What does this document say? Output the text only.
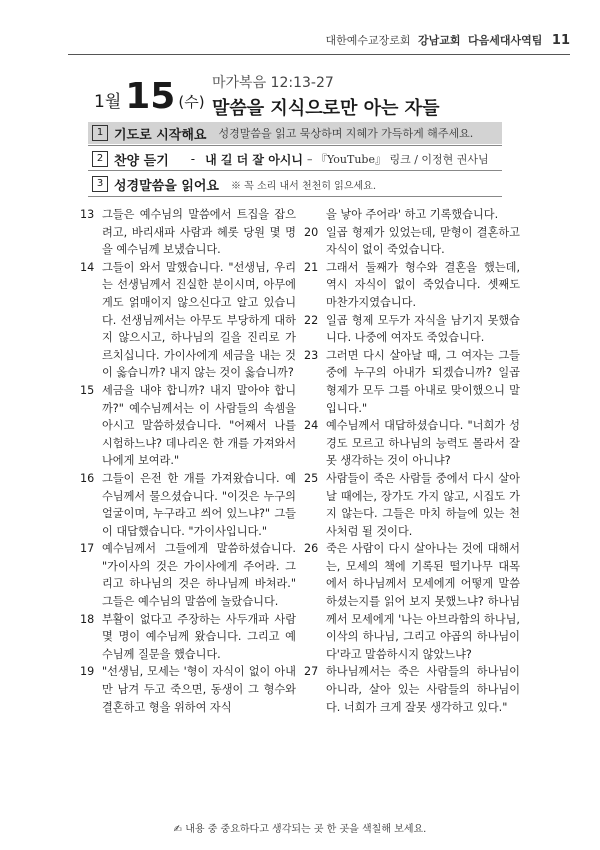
대한예수교장로회 강남교회 다음세대사역팀 11
1월 15 (수)
마가복음 12:13-27
말씀을 지식으로만 아는 자들
1 기도로 시작해요 성경말씀을 읽고 묵상하며 지혜가 가득하게 해주세요.
2 찬양 듣기 - 내 길 더 잘 아시니 – 『YouTube』 링크 / 이정현 권사님
3 성경말씀을 읽어요 ※ 꼭 소리 내서 천천히 읽으세요.
13 그들은 예수님의 말씀에서 트집을 잡으려고, 바리새파 사람과 헤롯 당원 몇 명을 예수님께 보냈습니다.
14 그들이 와서 말했습니다. "선생님, 우리는 선생님께서 진실한 분이시며, 아무에게도 얽매이지 않으신다고 알고 있습니다. 선생님께서는 아무도 부당하게 대하지 않으시고, 하나님의 길을 진리로 가르치십니다. 가이사에게 세금을 내는 것이 옳습니까? 내지 않는 것이 옳습니까?
15 세금을 내야 합니까? 내지 말아야 합니까?" 예수님께서는 이 사람들의 속셈을 아시고 말씀하셨습니다. "어째서 나를 시험하느냐? 데나리온 한 개를 가져와서 나에게 보여라."
16 그들이 은전 한 개를 가져왔습니다. 예수님께서 물으셨습니다. "이것은 누구의 얼굴이며, 누구라고 씌어 있느냐?" 그들이 대답했습니다. "가이사입니다."
17 예수님께서 그들에게 말씀하셨습니다. "가이사의 것은 가이사에게 주어라. 그리고 하나님의 것은 하나님께 바쳐라." 그들은 예수님의 말씀에 놀랐습니다.
18 부활이 없다고 주장하는 사두개파 사람 몇 명이 예수님께 왔습니다. 그리고 예수님께 질문을 했습니다.
19 "선생님, 모세는 '형이 자식이 없이 아내만 남겨 두고 죽으면, 동생이 그 형수와 결혼하고 형을 위하여 자식
을 낳아 주어라' 하고 기록했습니다.
20 일곱 형제가 있었는데, 맏형이 결혼하고 자식이 없이 죽었습니다.
21 그래서 둘째가 형수와 결혼을 했는데, 역시 자식이 없이 죽었습니다. 셋째도 마찬가지였습니다.
22 일곱 형제 모두가 자식을 남기지 못했습니다. 나중에 여자도 죽었습니다.
23 그러면 다시 살아날 때, 그 여자는 그들 중에 누구의 아내가 되겠습니까? 일곱 형제가 모두 그를 아내로 맞이했으니 말입니다."
24 예수님께서 대답하셨습니다. "너희가 성경도 모르고 하나님의 능력도 몰라서 잘못 생각하는 것이 아니냐?
25 사람들이 죽은 사람들 중에서 다시 살아날 때에는, 장가도 가지 않고, 시집도 가지 않는다. 그들은 마치 하늘에 있는 천사처럼 될 것이다.
26 죽은 사람이 다시 살아나는 것에 대해서는, 모세의 책에 기록된 떨기나무 대목에서 하나님께서 모세에게 어떻게 말씀하셨는지를 읽어 보지 못했느냐? 하나님께서 모세에게 '나는 아브라함의 하나님, 이삭의 하나님, 그리고 야곱의 하나님이다'라고 말씀하시지 않았느냐?
27 하나님께서는 죽은 사람들의 하나님이 아니라, 살아 있는 사람들의 하나님이다. 너희가 크게 잘못 생각하고 있다."
✍ 내용 중 중요하다고 생각되는 곳 한 곳을 색칠해 보세요.
